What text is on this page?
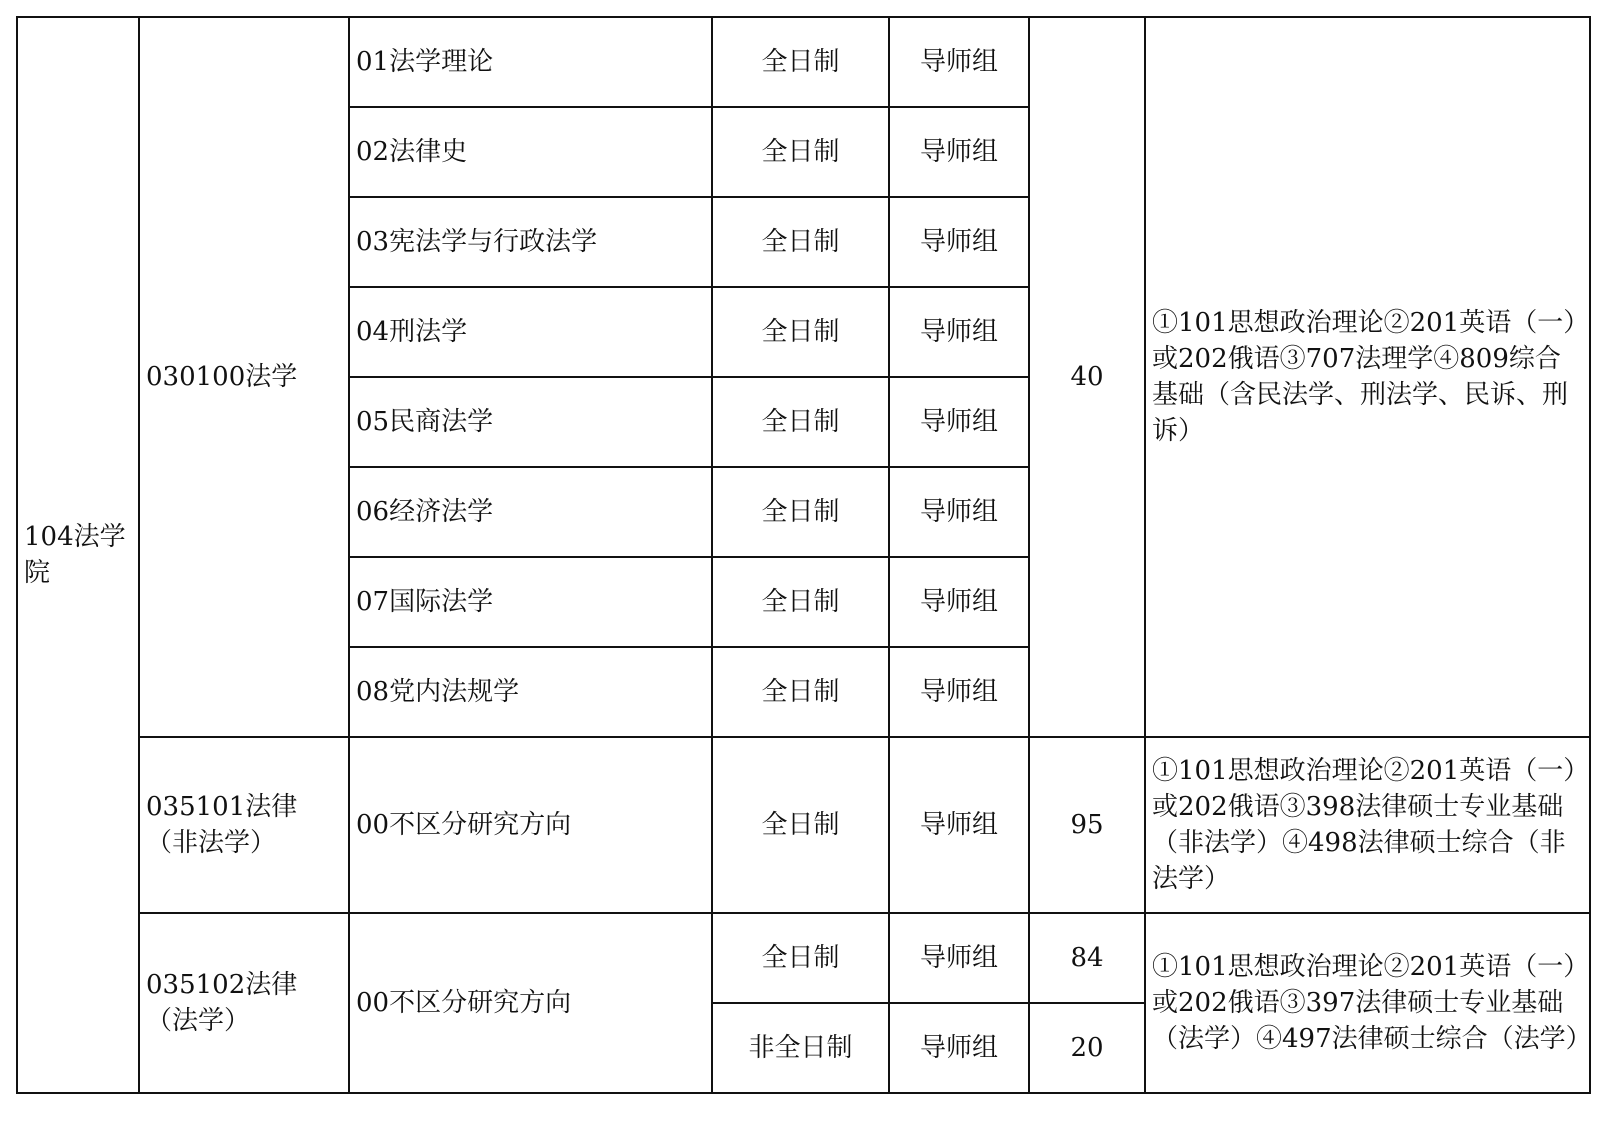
104法学院	030100法学	01法学理论	全日制	导师组	40	①101思想政治理论②201英语（一）或202俄语③707法理学④809综合基础（含民法学、刑法学、民诉、刑诉）
		02法律史	全日制	导师组		
		03宪法学与行政法学	全日制	导师组		
		04刑法学	全日制	导师组		
		05民商法学	全日制	导师组		
		06经济法学	全日制	导师组		
		07国际法学	全日制	导师组		
		08党内法规学	全日制	导师组		
	035101法律（非法学）	00不区分研究方向	全日制	导师组	95	①101思想政治理论②201英语（一）或202俄语③398法律硕士专业基础（非法学）④498法律硕士综合（非法学）
	035102法律（法学）	00不区分研究方向	全日制	导师组	84	①101思想政治理论②201英语（一）或202俄语③397法律硕士专业基础（法学）④497法律硕士综合（法学）
			非全日制	导师组	20	
